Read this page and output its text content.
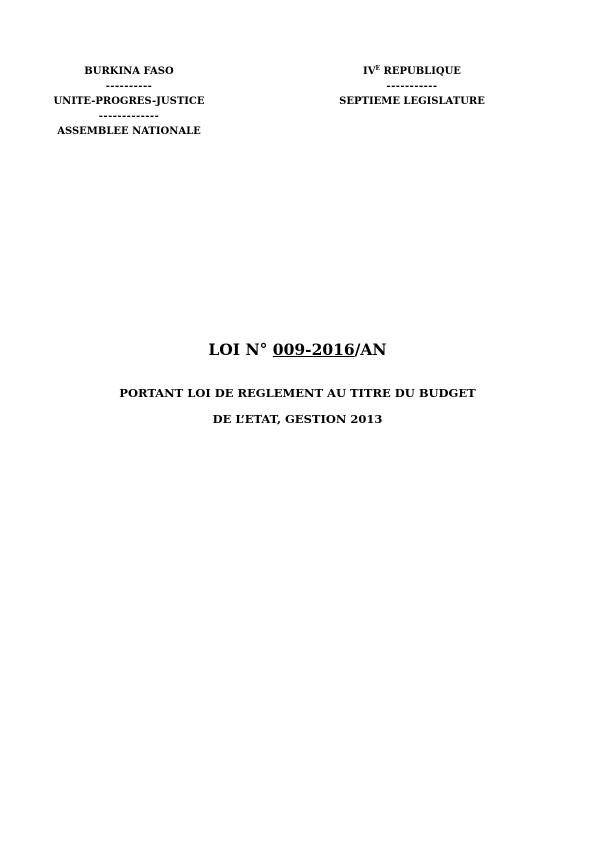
BURKINA FASO
----------
UNITE-PROGRES-JUSTICE
-------------
ASSEMBLEE NATIONALE
$IV^E$ REPUBLIQUE
-----------
SEPTIEME LEGISLATURE
LOI N° 009-2016/AN
PORTANT LOI DE REGLEMENT AU TITRE DU BUDGET
DE L’ETAT, GESTION 2013
